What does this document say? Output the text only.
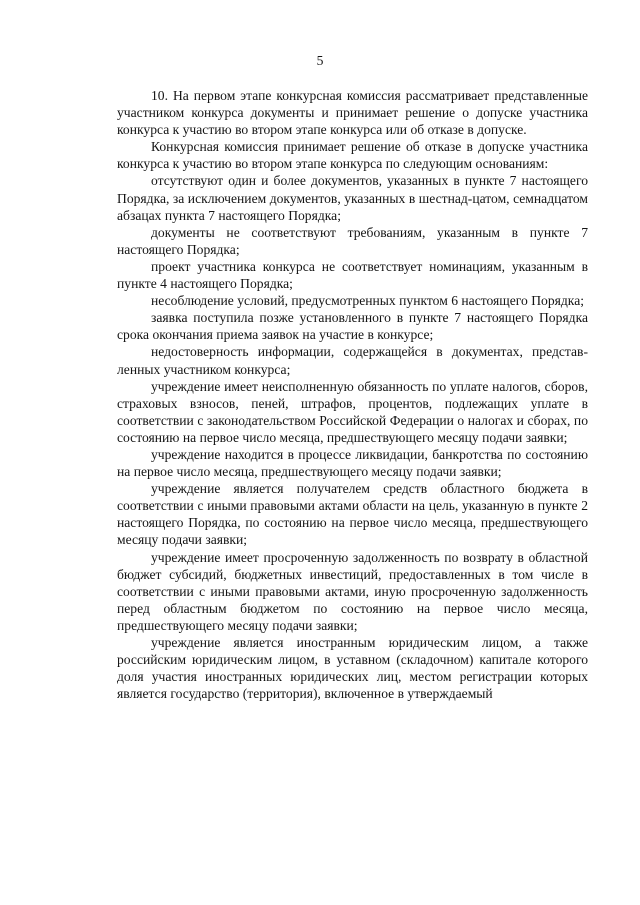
5

10. На первом этапе конкурсная комиссия рассматривает представленные участником конкурса документы и принимает решение о допуске участника конкурса к участию во втором этапе конкурса или об отказе в допуске.

Конкурсная комиссия принимает решение об отказе в допуске участника конкурса к участию во втором этапе конкурса по следующим основаниям:

отсутствуют один и более документов, указанных в пункте 7 настоящего Порядка, за исключением документов, указанных в шестнад-цатом, семнадцатом абзацах пункта 7 настоящего Порядка;

документы не соответствуют требованиям, указанным в пункте 7 настоящего Порядка;

проект участника конкурса не соответствует номинациям, указанным в пункте 4 настоящего Порядка;

несоблюдение условий, предусмотренных пунктом 6 настоящего Порядка;

заявка поступила позже установленного в пункте 7 настоящего Порядка срока окончания приема заявок на участие в конкурсе;

недостоверность информации, содержащейся в документах, представ-ленных участником конкурса;

учреждение имеет неисполненную обязанность по уплате налогов, сборов, страховых взносов, пеней, штрафов, процентов, подлежащих уплате в соответствии с законодательством Российской Федерации о налогах и сборах, по состоянию на первое число месяца, предшествующего месяцу подачи заявки;

учреждение находится в процессе ликвидации, банкротства по состоянию на первое число месяца, предшествующего месяцу подачи заявки;

учреждение является получателем средств областного бюджета в соответствии с иными правовыми актами области на цель, указанную в пункте 2 настоящего Порядка, по состоянию на первое число месяца, предшествующего месяцу подачи заявки;

учреждение имеет просроченную задолженность по возврату в областной бюджет субсидий, бюджетных инвестиций, предоставленных в том числе в соответствии с иными правовыми актами, иную просроченную задолженность перед областным бюджетом по состоянию на первое число месяца, предшествующего месяцу подачи заявки;

учреждение является иностранным юридическим лицом, а также российским юридическим лицом, в уставном (складочном) капитале которого доля участия иностранных юридических лиц, местом регистрации которых является государство (территория), включенное в утверждаемый
